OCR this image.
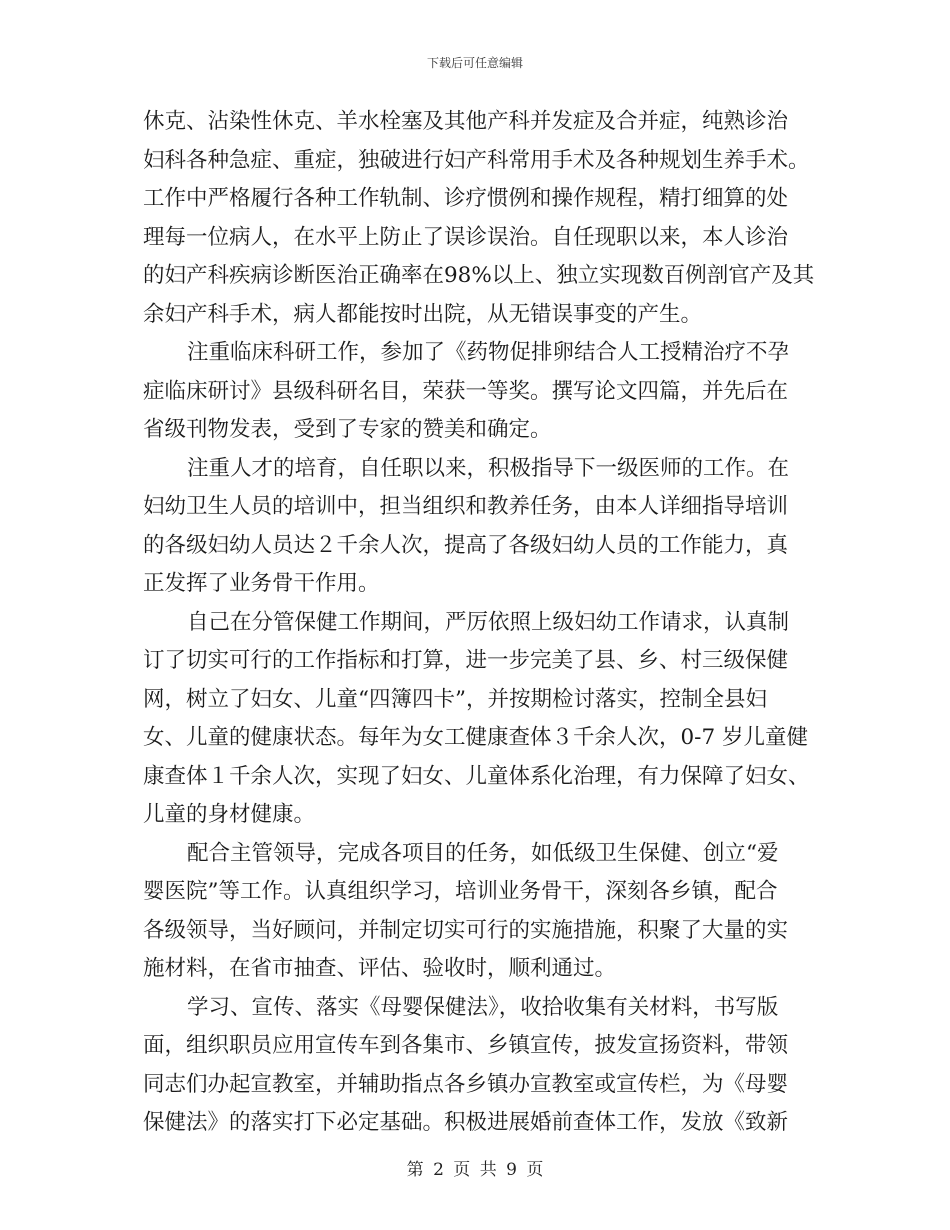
下载后可任意编辑
休克、沾染性休克、羊水栓塞及其他产科并发症及合并症，纯熟诊治
妇科各种急症、重症，独破进行妇产科常用手术及各种规划生养手术。
工作中严格履行各种工作轨制、诊疗惯例和操作规程，精打细算的处
理每一位病人，在水平上防止了误诊误治。自任现职以来，本人诊治
的妇产科疾病诊断医治正确率在98%以上、独立实现数百例剖官产及其
余妇产科手术，病人都能按时出院，从无错误事变的产生。
注重临床科研工作，参加了《药物促排卵结合人工授精治疗不孕
症临床研讨》县级科研名目，荣获一等奖。撰写论文四篇，并先后在
省级刊物发表，受到了专家的赞美和确定。
注重人才的培育，自任职以来，积极指导下一级医师的工作。在
妇幼卫生人员的培训中，担当组织和教养任务，由本人详细指导培训
的各级妇幼人员达２千余人次，提高了各级妇幼人员的工作能力，真
正发挥了业务骨干作用。
自己在分管保健工作期间，严厉依照上级妇幼工作请求，认真制
订了切实可行的工作指标和打算，进一步完美了县、乡、村三级保健
网，树立了妇女、儿童“四簿四卡”，并按期检讨落实，控制全县妇
女、儿童的健康状态。每年为女工健康查体３千余人次，0-7 岁儿童健
康查体１千余人次，实现了妇女、儿童体系化治理，有力保障了妇女、
儿童的身材健康。
配合主管领导，完成各项目的任务，如低级卫生保健、创立“爱
婴医院”等工作。认真组织学习，培训业务骨干，深刻各乡镇，配合
各级领导，当好顾问，并制定切实可行的实施措施，积聚了大量的实
施材料，在省市抽查、评估、验收时，顺利通过。
学习、宣传、落实《母婴保健法》，收拾收集有关材料，书写版
面，组织职员应用宣传车到各集市、乡镇宣传，披发宣扬资料，带领
同志们办起宣教室，并辅助指点各乡镇办宣教室或宣传栏，为《母婴
保健法》的落实打下必定基础。积极进展婚前查体工作，发放《致新
第 2 页 共 9 页
